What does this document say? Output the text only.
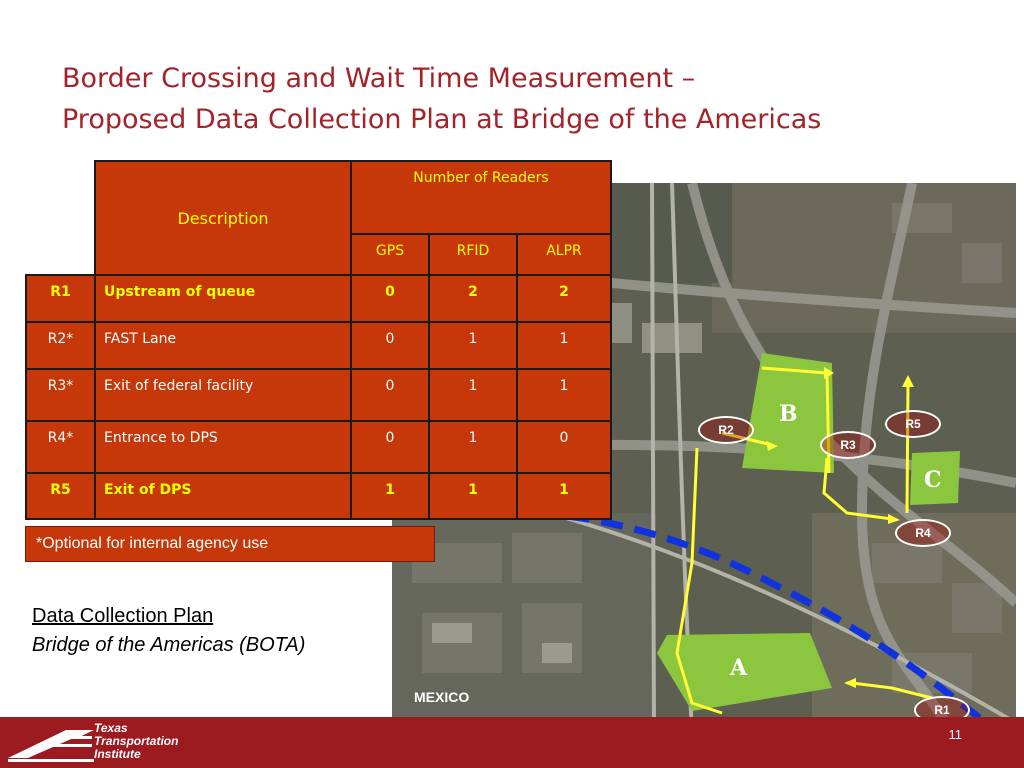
Border Crossing and Wait Time Measurement –
Proposed Data Collection Plan at Bridge of the Americas
MEXICO
B
C
A
R2
R3
R5
R4
R1
	Description	Number of Readers		
		GPS	RFID	ALPR
R1	Upstream of queue	0	2	2
R2*	FAST Lane	0	1	1
R3*	Exit of federal facility	0	1	1
R4*	Entrance to DPS	0	1	0
R5	Exit of DPS	1	1	1
*Optional for internal agency use
Data Collection Plan
Bridge of the Americas (BOTA)
Texas
Transportation
Institute
11
